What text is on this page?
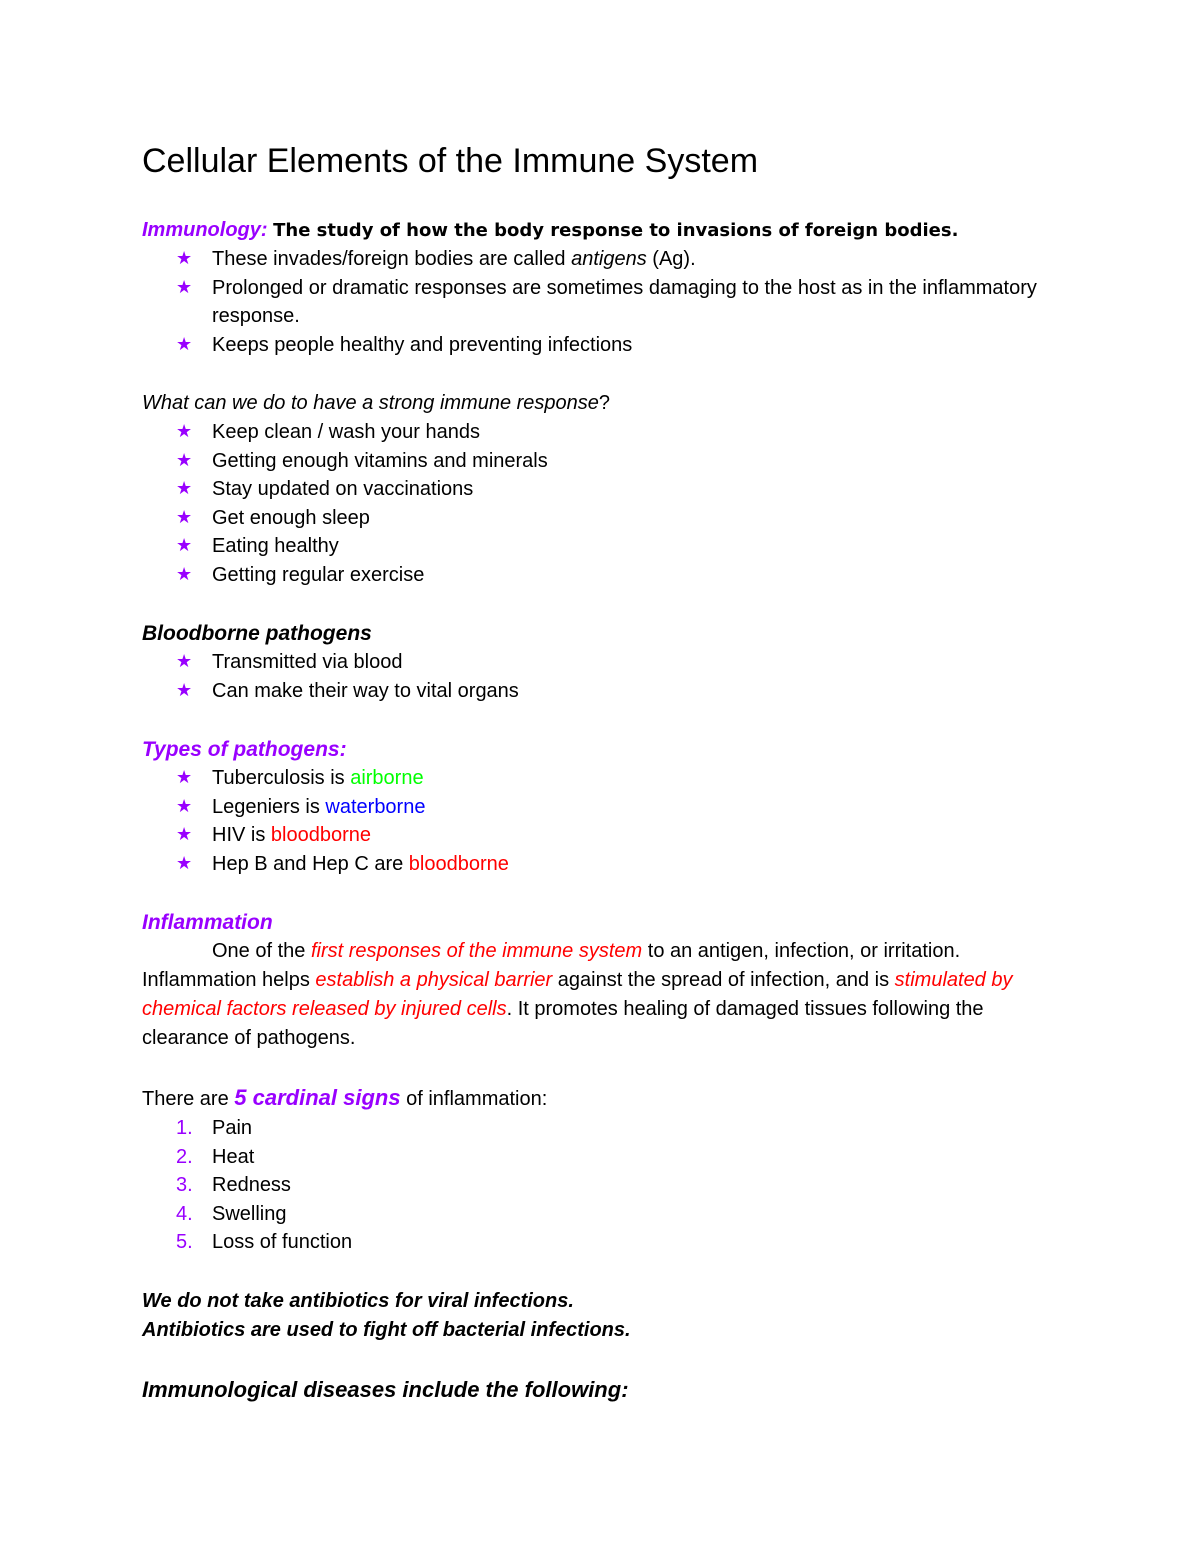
Cellular Elements of the Immune System

Immunology: The study of how the body response to invasions of foreign bodies.

★ These invades/foreign bodies are called antigens (Ag).
★ Prolonged or dramatic responses are sometimes damaging to the host as in the inflammatory response.
★ Keeps people healthy and preventing infections

What can we do to have a strong immune response?

★ Keep clean / wash your hands
★ Getting enough vitamins and minerals
★ Stay updated on vaccinations
★ Get enough sleep
★ Eating healthy
★ Getting regular exercise

Bloodborne pathogens

★ Transmitted via blood
★ Can make their way to vital organs

Types of pathogens:

★ Tuberculosis is airborne
★ Legeniers is waterborne
★ HIV is bloodborne
★ Hep B and Hep C are bloodborne

Inflammation

One of the first responses of the immune system to an antigen, infection, or irritation. Inflammation helps establish a physical barrier against the spread of infection, and is stimulated by chemical factors released by injured cells. It promotes healing of damaged tissues following the clearance of pathogens.

There are 5 cardinal signs of inflammation:

1. Pain
2. Heat
3. Redness
4. Swelling
5. Loss of function

We do not take antibiotics for viral infections.

Antibiotics are used to fight off bacterial infections.

Immunological diseases include the following:
